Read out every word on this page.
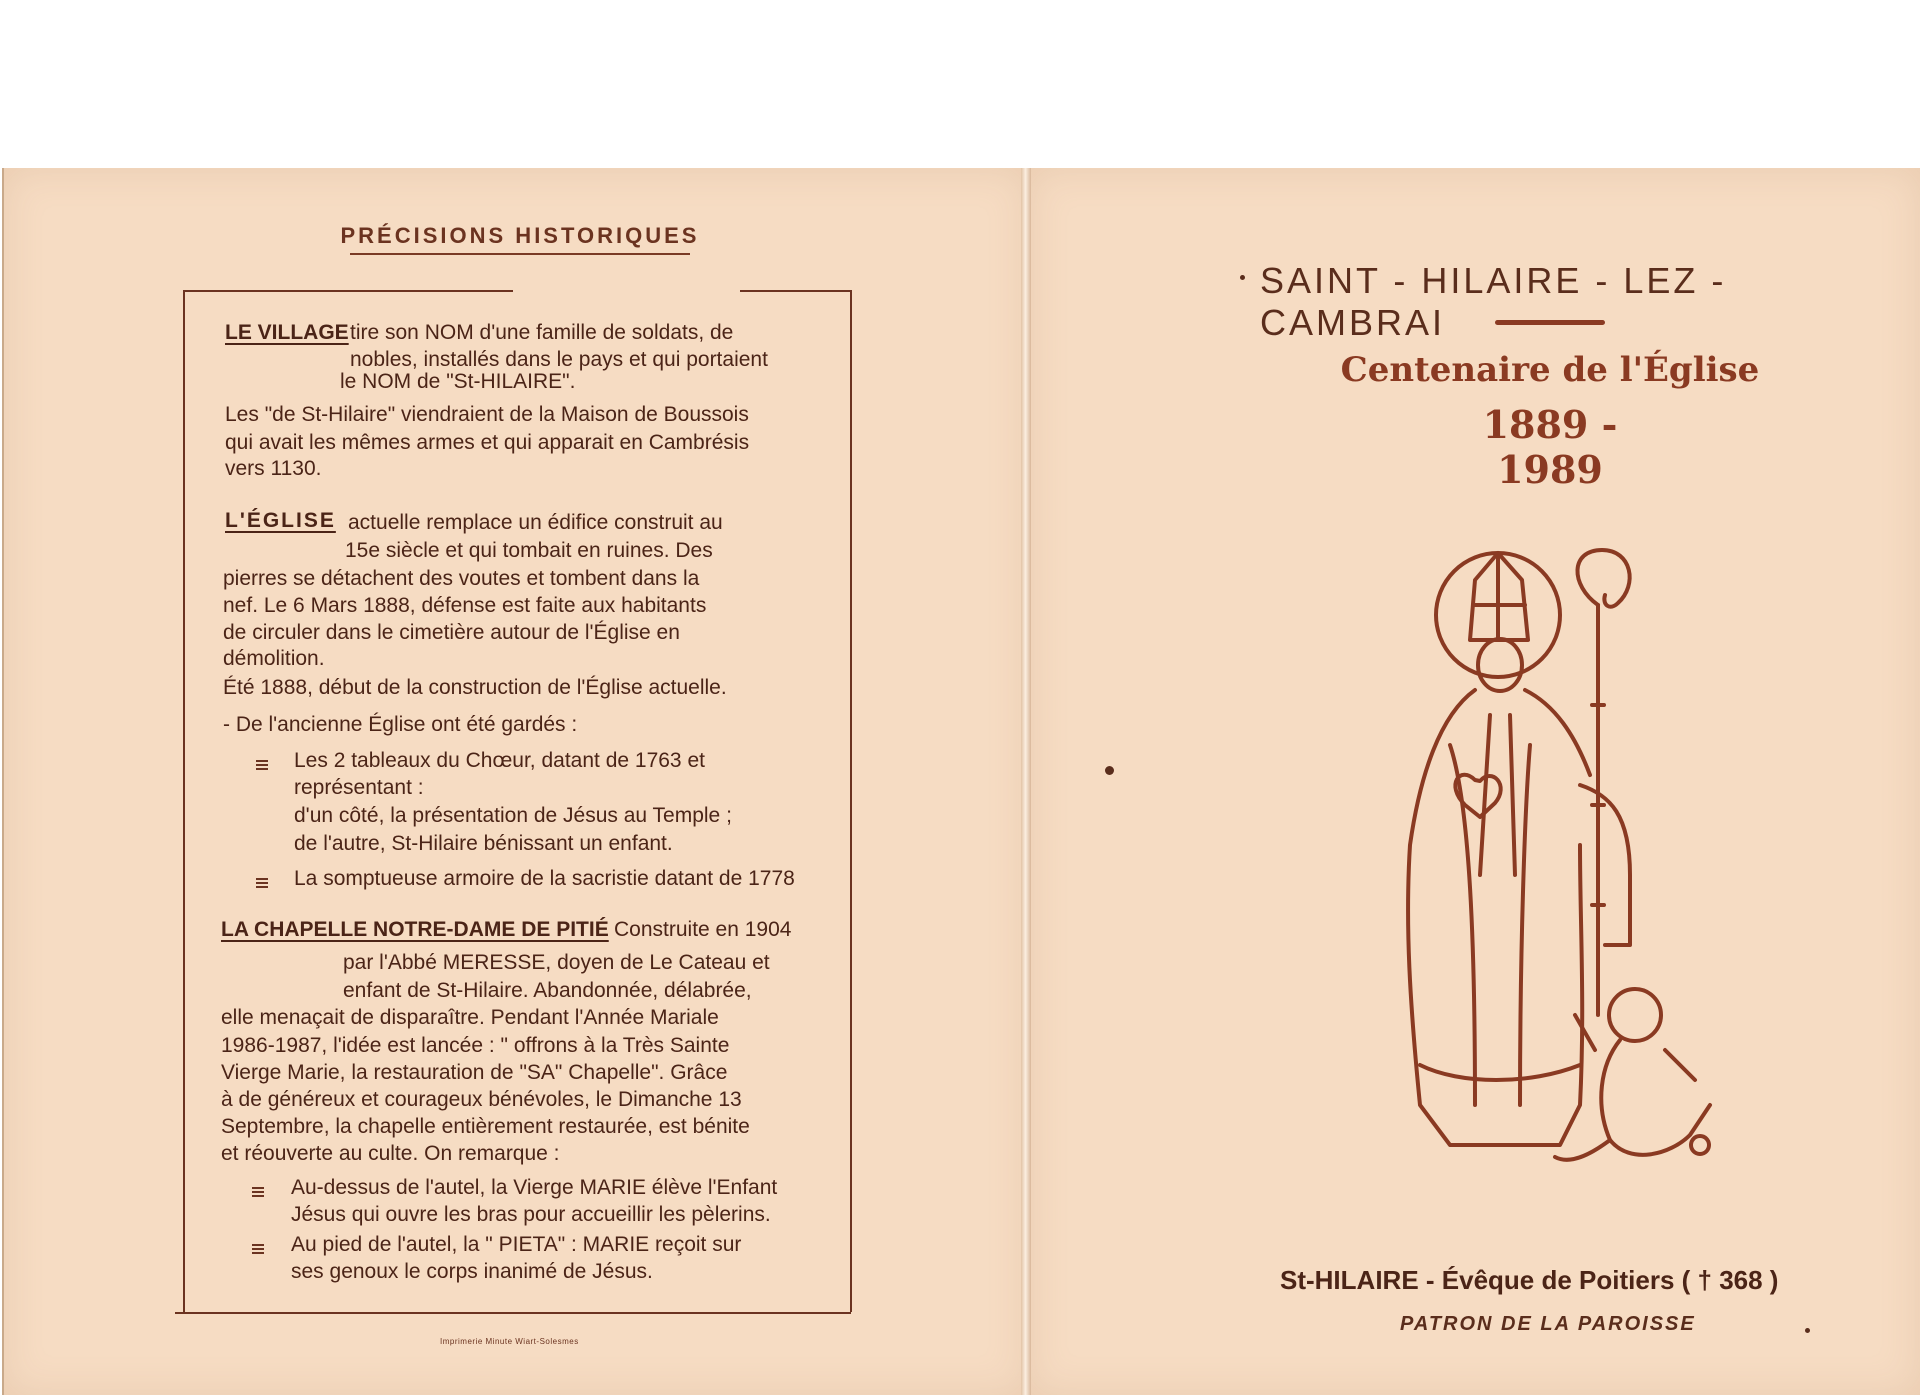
PRÉCISIONS HISTORIQUES
LE VILLAGE tire son NOM d'une famille de soldats, de
nobles, installés dans le pays et qui portaient
le NOM de "St-HILAIRE".
Les "de St-Hilaire" viendraient de la Maison de Boussois
qui avait les mêmes armes et qui apparait en Cambrésis
vers 1130.
L'ÉGLISE actuelle remplace un édifice construit au
15e siècle et qui tombait en ruines. Des
pierres se détachent des voutes et tombent dans la
nef. Le 6 Mars 1888, défense est faite aux habitants
de circuler dans le cimetière autour de l'Église en
démolition.
Été 1888, début de la construction de l'Église actuelle.
- De l'ancienne Église ont été gardés :
Les 2 tableaux du Chœur, datant de 1763 et
représentant :
d'un côté, la présentation de Jésus au Temple ;
de l'autre, St-Hilaire bénissant un enfant.
La somptueuse armoire de la sacristie datant de 1778
LA CHAPELLE NOTRE-DAME DE PITIÉ Construite en 1904
par l'Abbé MERESSE, doyen de Le Cateau et
enfant de St-Hilaire. Abandonnée, délabrée,
elle menaçait de disparaître. Pendant l'Année Mariale
1986-1987, l'idée est lancée : " offrons à la Très Sainte
Vierge Marie, la restauration de "SA" Chapelle". Grâce
à de généreux et courageux bénévoles, le Dimanche 13
Septembre, la chapelle entièrement restaurée, est bénite
et réouverte au culte. On remarque :
Au-dessus de l'autel, la Vierge MARIE élève l'Enfant
Jésus qui ouvre les bras pour accueillir les pèlerins.
Au pied de l'autel, la " PIETA" : MARIE reçoit sur
ses genoux le corps inanimé de Jésus.
Imprimerie Minute Wiart-Solesmes
SAINT - HILAIRE - LEZ - CAMBRAI
Centenaire de l'Église
1889 - 1989
St-HILAIRE - Évêque de Poitiers ( † 368 )
PATRON DE LA PAROISSE
